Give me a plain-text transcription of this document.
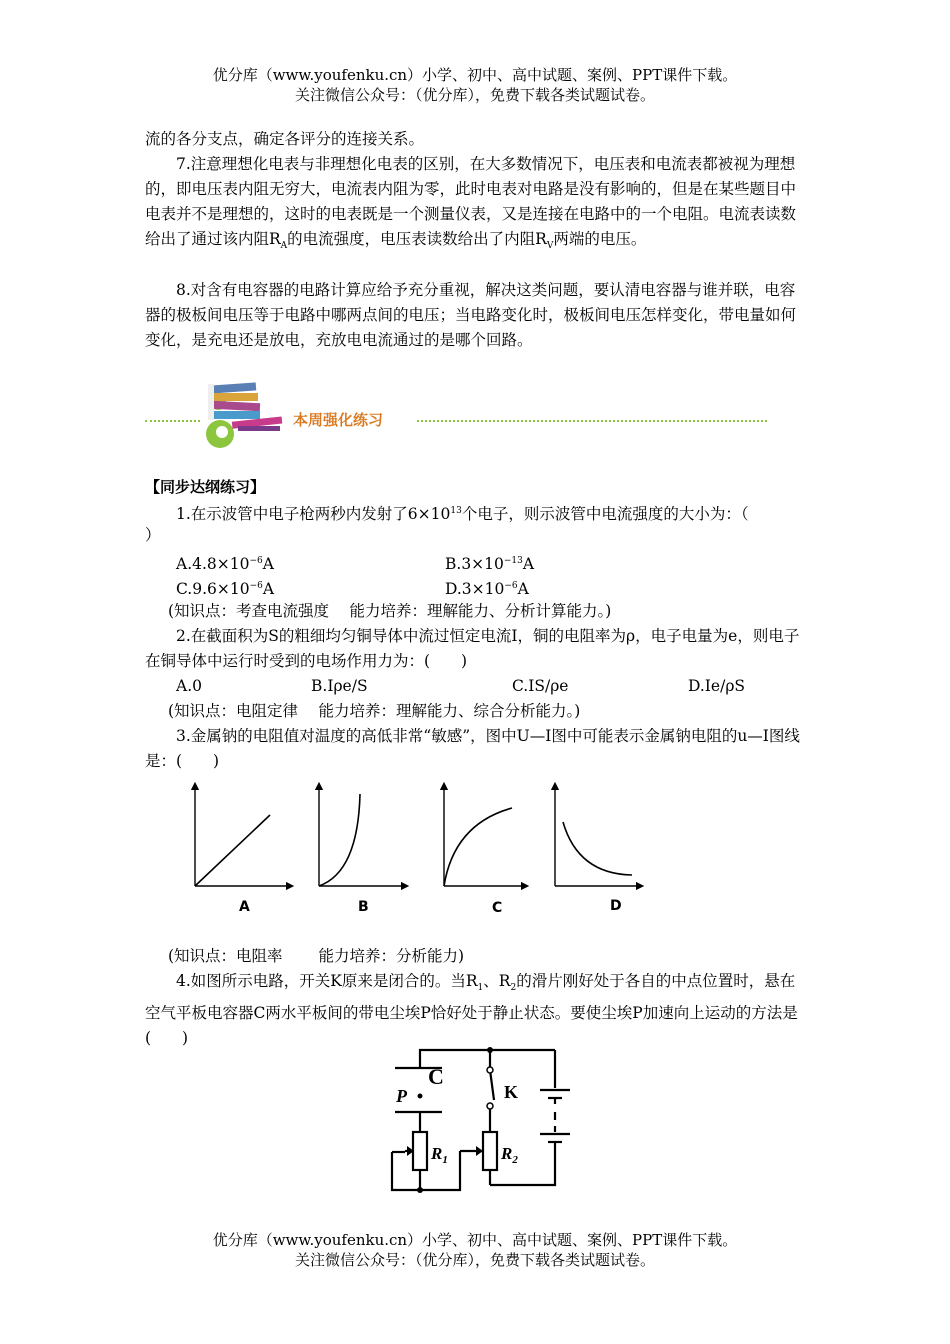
优分库（www.youfenku.cn）小学、初中、高中试题、案例、PPT课件下载。
关注微信公众号：（优分库），免费下载各类试题试卷。
流的各分支点，确定各评分的连接关系。
7.注意理想化电表与非理想化电表的区别，在大多数情况下，电压表和电流表都被视为理想的，即电压表内阻无穷大，电流表内阻为零，此时电表对电路是没有影响的，但是在某些题目中电表并不是理想的，这时的电表既是一个测量仪表，又是连接在电路中的一个电阻。电流表读数给出了通过该内阻$R_A$的电流强度，电压表读数给出了内阻$R_V$两端的电压。
8.对含有电容器的电路计算应给予充分重视，解决这类问题，要认清电容器与谁并联，电容器的极板间电压等于电路中哪两点间的电压；当电路变化时，极板间电压怎样变化，带电量如何变化，是充电还是放电，充放电电流通过的是哪个回路。
本周强化练习
【同步达纲练习】
1.在示波管中电子枪两秒内发射了$6\times 10^{13}$个电子，则示波管中电流强度的大小为：（
）
$A.4.8\times 10^{-6}A$	$B.3\times 10^{-13}A$
$C.9.6\times 10^{-6}A$	$D.3\times 10^{-6}A$
(知识点：考查电流强度　 能力培养：理解能力、分析计算能力。)
2.在截面积为S的粗细均匀铜导体中流过恒定电流I，铜的电阻率为ρ，电子电量为e，则电子在铜导体中运行时受到的电场作用力为：(　　)
A.0	B.Iρe/S	C.IS/ρe	D.Ie/ρS
(知识点：电阻定律　 能力培养：理解能力、综合分析能力。)
3.金属钠的电阻值对温度的高低非常“敏感”，图中U—I图中可能表示金属钠电阻的u—I图线是：(　　)
A	B	C	D
(知识点：电阻率　　 能力培养：分析能力)
4.如图所示电路，开关K原来是闭合的。当$R_1$、$R_2$的滑片刚好处于各自的中点位置时，悬在空气平板电容器C两水平板间的带电尘埃P恰好处于静止状态。要使尘埃P加速向上运动的方法是(　　)
C
P	K
$R_1$	$R_2$
优分库（www.youfenku.cn）小学、初中、高中试题、案例、PPT课件下载。
关注微信公众号：（优分库），免费下载各类试题试卷。
